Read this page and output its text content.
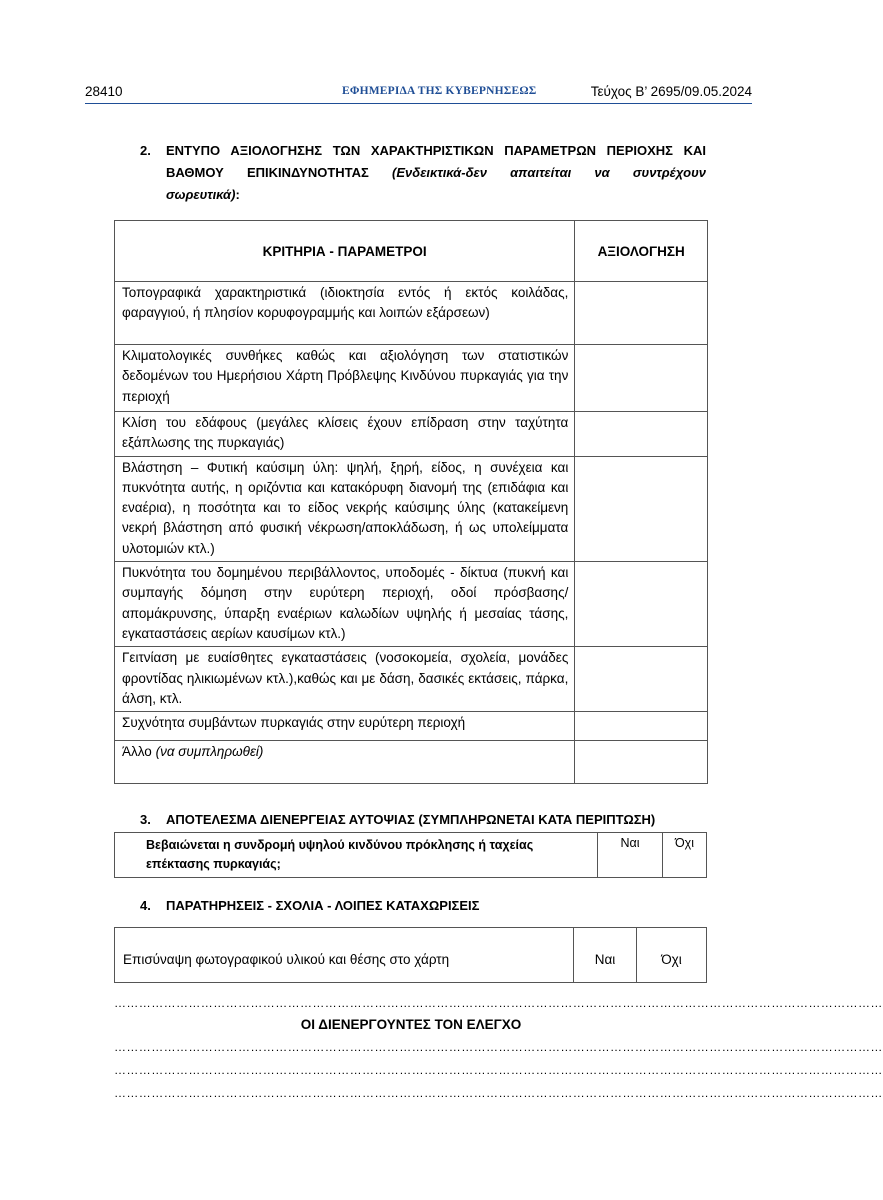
28410	ΕΦΗΜΕΡΙΔΑ ΤΗΣ ΚΥΒΕΡΝΗΣΕΩΣ	Τεύχος Β’ 2695/09.05.2024
2. ΕΝΤΥΠΟ ΑΞΙΟΛΟΓΗΣΗΣ ΤΩΝ ΧΑΡΑΚΤΗΡΙΣΤΙΚΩΝ ΠΑΡΑΜΕΤΡΩΝ ΠΕΡΙΟΧΗΣ ΚΑΙ
ΒΑΘΜΟΥ ΕΠΙΚΙΝΔΥΝΟΤΗΤΑΣ (Ενδεικτικά-δεν απαιτείται να συντρέχουν
σωρευτικά):
ΚΡΙΤΗΡΙΑ - ΠΑΡΑΜΕΤΡΟΙ	ΑΞΙΟΛΟΓΗΣΗ

Τοπογραφικά χαρακτηριστικά (ιδιοκτησία εντός ή εκτός κοιλάδας, φαραγγιού, ή πλησίον κορυφογραμμής και λοιπών εξάρσεων)	

Κλιματολογικές συνθήκες καθώς και αξιολόγηση των στατιστικών δεδομένων του Ημερήσιου Χάρτη Πρόβλεψης Κινδύνου πυρκαγιάς για την περιοχή	

Κλίση του εδάφους (μεγάλες κλίσεις έχουν επίδραση στην ταχύτητα εξάπλωσης της πυρκαγιάς)	

Βλάστηση – Φυτική καύσιμη ύλη: ψηλή, ξηρή, είδος, η συνέχεια και πυκνότητα αυτής, η οριζόντια και κατακόρυφη διανομή της (επιδάφια και εναέρια), η ποσότητα και το είδος νεκρής καύσιμης ύλης (κατακείμενη νεκρή βλάστηση από φυσική νέκρωση/αποκλάδωση, ή ως υπολείμματα υλοτομιών κτλ.)	

Πυκνότητα του δομημένου περιβάλλοντος, υποδομές - δίκτυα (πυκνή και συμπαγής δόμηση στην ευρύτερη περιοχή, οδοί πρόσβασης/απομάκρυνσης, ύπαρξη εναέριων καλωδίων υψηλής ή μεσαίας τάσης, εγκαταστάσεις αερίων καυσίμων κτλ.)	

Γειτνίαση με ευαίσθητες εγκαταστάσεις (νοσοκομεία, σχολεία, μονάδες φροντίδας ηλικιωμένων κτλ.),καθώς και με δάση, δασικές εκτάσεις, πάρκα, άλση, κτλ.	

Συχνότητα συμβάντων πυρκαγιάς στην ευρύτερη περιοχή	

Άλλο (να συμπληρωθεί)	

3. ΑΠΟΤΕΛΕΣΜΑ ΔΙΕΝΕΡΓΕΙΑΣ ΑΥΤΟΨΙΑΣ (ΣΥΜΠΛΗΡΩΝΕΤΑΙ ΚΑΤΑ ΠΕΡΙΠΤΩΣΗ)
Βεβαιώνεται η συνδρομή υψηλού κινδύνου πρόκλησης ή ταχείας επέκτασης πυρκαγιάς;	Ναι	Όχι
4. ΠΑΡΑΤΗΡΗΣΕΙΣ - ΣΧΟΛΙΑ - ΛΟΙΠΕΣ ΚΑΤΑΧΩΡΙΣΕΙΣ
Επισύναψη φωτογραφικού υλικού και θέσης στο χάρτη	Ναι	Όχι
……………………………………………………………………………………………………………………………………………………………………
ΟΙ ΔΙΕΝΕΡΓΟΥΝΤΕΣ ΤΟΝ ΕΛΕΓΧΟ
……………………………………………………………………………………………………………………………………………………………………
……………………………………………………………………………………………………………………………………………………………………
……………………………………………………………………………………………………………………………………………………………………
